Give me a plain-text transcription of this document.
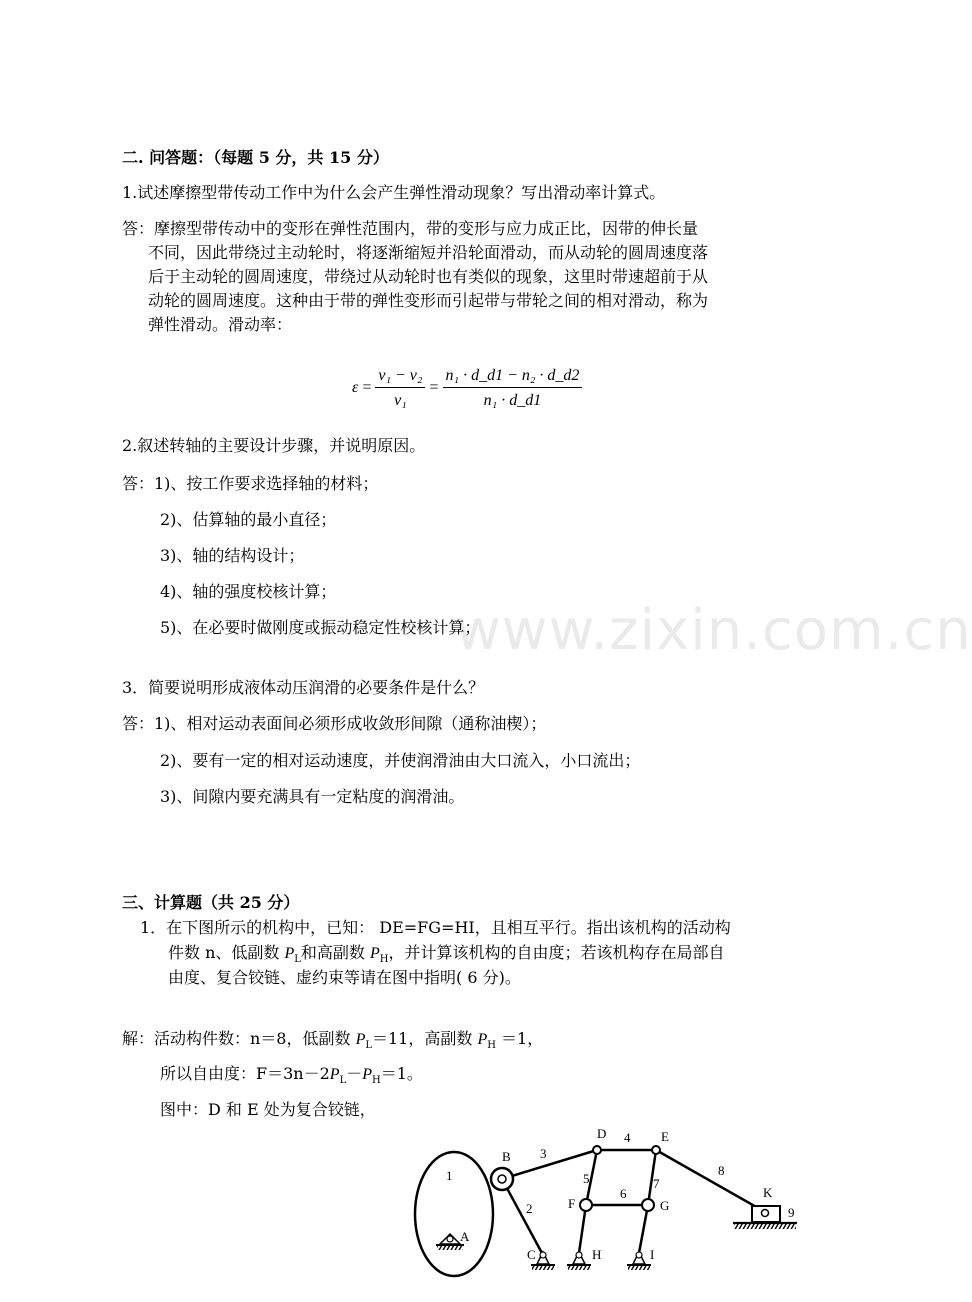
www.zixin.com.cn
二. 问答题：（每题 5 分，共 15 分）
1.试述摩擦型带传动工作中为什么会产生弹性滑动现象？写出滑动率计算式。
答：摩擦型带传动中的变形在弹性范围内，带的变形与应力成正比，因带的伸长量
不同，因此带绕过主动轮时，将逐渐缩短并沿轮面滑动，而从动轮的圆周速度落
后于主动轮的圆周速度，带绕过从动轮时也有类似的现象，这里时带速超前于从
动轮的圆周速度。这种由于带的弹性变形而引起带与带轮之间的相对滑动，称为
弹性滑动。滑动率：
$\varepsilon = \frac{\text{v₁ − v₂}}{\text{v₁}} = \frac{\text{n₁ · d\_d1 − n₂ · d\_d2}}{\text{n₁ · d\_d1}}$
2.叙述转轴的主要设计步骤，并说明原因。
答：1)、按工作要求选择轴的材料；
2)、估算轴的最小直径；
3)、轴的结构设计；
4)、轴的强度校核计算；
5)、在必要时做刚度或振动稳定性校核计算；
3．简要说明形成液体动压润滑的必要条件是什么？
答：1)、相对运动表面间必须形成收敛形间隙（通称油楔）；
2)、要有一定的相对运动速度，并使润滑油由大口流入，小口流出；
3)、间隙内要充满具有一定粘度的润滑油。
三、计算题（共 25 分）
1．在下图所示的机构中，已知： DE=FG=HI，且相互平行。指出该机构的活动构
件数 n、低副数 $P_L$和高副数 $P_H$，并计算该机构的自由度；若该机构存在局部自
由度、复合铰链、虚约束等请在图中指明( 6 分)。
解：活动构件数：n＝8，低副数 $P_L=11$，高副数 $P_H =1$，
所以自由度：$F=3n-2P_L-P_H=1$。
图中：D 和 E 处为复合铰链，
1
A
B
2
C
3
D 4 E
5
F
6
G
7
H	I
8
K
9
